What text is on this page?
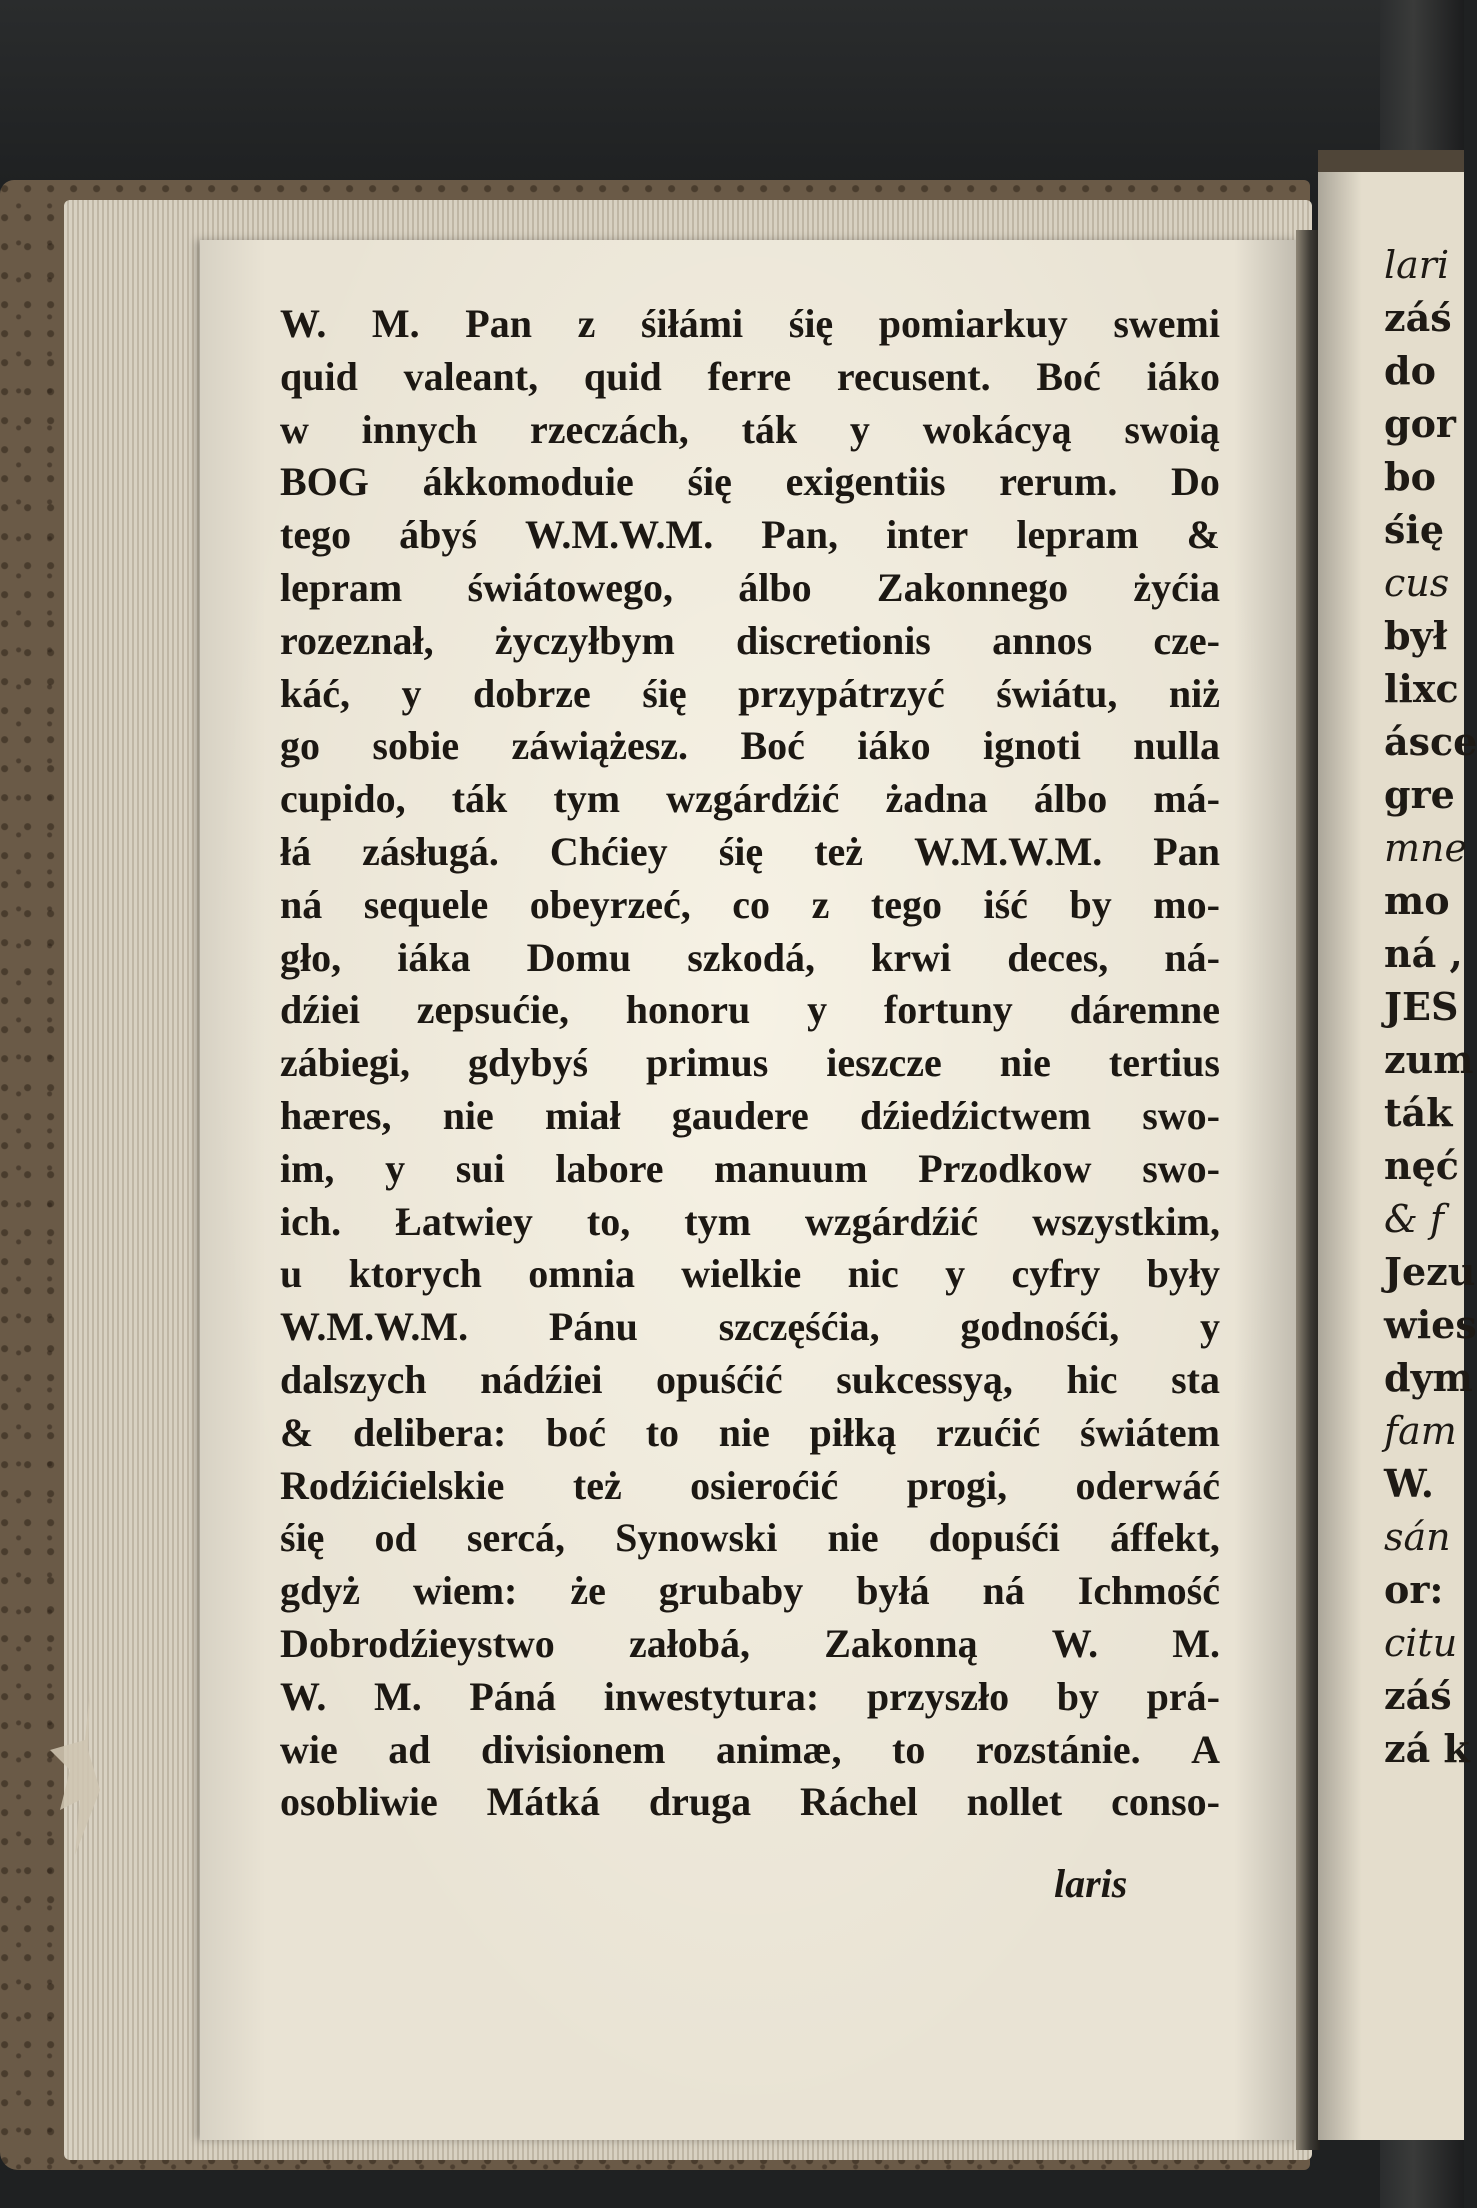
W. M. Pan z śiłámi śię pomiarkuy swemi
quid valeant, quid ferre recusent. Boć iáko
w innych rzeczách, ták y wokácyą swoią
BOG ákkomoduie śię exigentiis rerum. Do
tego ábyś W.M.W.M. Pan, inter lepram &
lepram świátowego, álbo Zakonnego żyćia
rozeznał, życzyłbym discretionis annos cze-
káć, y dobrze śię przypátrzyć świátu, niż
go sobie záwiążesz. Boć iáko ignoti nulla
cupido, ták tym wzgárdźić żadna álbo má-
łá zásługá. Chćiey śię też W.M.W.M. Pan
ná sequele obeyrzeć, co z tego iść by mo-
gło, iáka Domu szkodá, krwi deces, ná-
dźiei zepsućie, honoru y fortuny dáremne
zábiegi, gdybyś primus ieszcze nie tertius
hæres, nie miał gaudere dźiedźictwem swo-
im, y sui labore manuum Przodkow swo-
ich. Łatwiey to, tym wzgárdźić wszystkim,
u ktorych omnia wielkie nic y cyfry były
W.M.W.M. Pánu szczęśćia, godnośći, y
dalszych nádźiei opuśćić sukcessyą, hic sta
& delibera: boć to nie piłką rzućić świátem
Rodźićielskie też osieroćić progi, oderwáć
śię od sercá, Synowski nie dopuśći áffekt,
gdyż wiem: że grubaby byłá ná Ichmość
Dobrodźieystwo załobá, Zakonną W. M.
W. M. Páná inwestytura: przyszło by prá-
wie ad divisionem animæ, to rozstánie. A
osobliwie Mátká druga Ráchel nollet conso-
laris
lari
záś
do
gor
bo
śię
cus
był
lixc
ásce
gre
mne
mo
ná ,
JES
zum
ták
nęć
& f
Jezu
wies
dym
fam
W.
sán
or:
citu
záś
zá k
